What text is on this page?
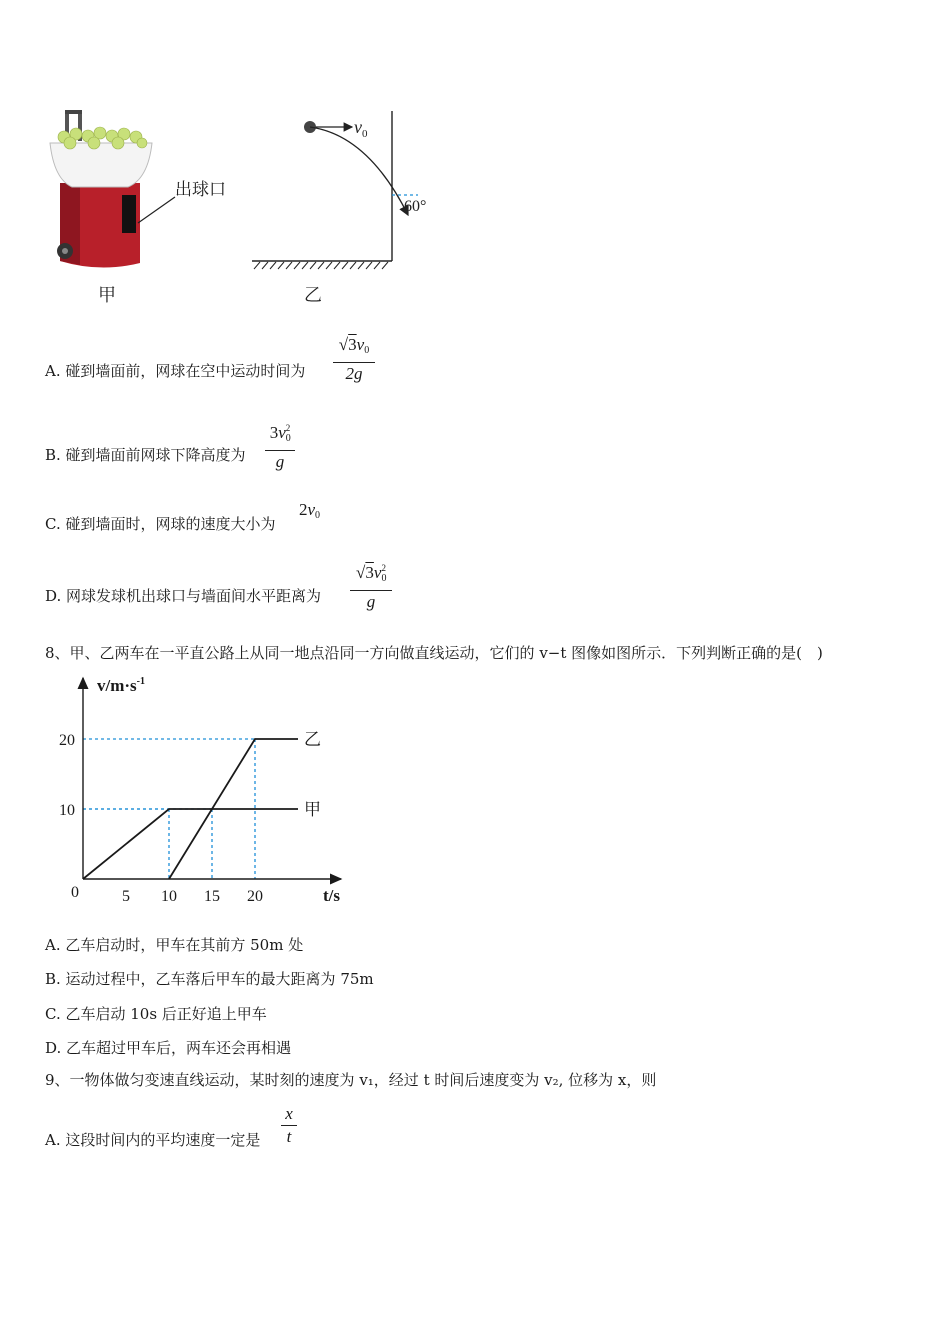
出球口
甲
$v_0$
60°
乙
A. 碰到墙面前，网球在空中运动时间为
$√3v_0$
2g
B. 碰到墙面前网球下降高度为
$3v_0^2$
g
C. 碰到墙面时，网球的速度大小为
$2v_0$
D. 网球发球机出球口与墙面间水平距离为
$√3v_0^2$
g
8、甲、乙两车在一平直公路上从同一地点沿同一方向做直线运动，它们的 v−t 图像如图所示．下列判断正确的是(　)
甲
乙
5 10 15 20
10
20
0
$v/m\cdot s^{-1}$
t/s
A. 乙车启动时，甲车在其前方 50m 处
B. 运动过程中，乙车落后甲车的最大距离为 75m
C. 乙车启动 10s 后正好追上甲车
D. 乙车超过甲车后，两车还会再相遇
9、一物体做匀变速直线运动，某时刻的速度为 v₁，经过 t 时间后速度变为 v₂, 位移为 x，则
A. 这段时间内的平均速度一定是
x
t
